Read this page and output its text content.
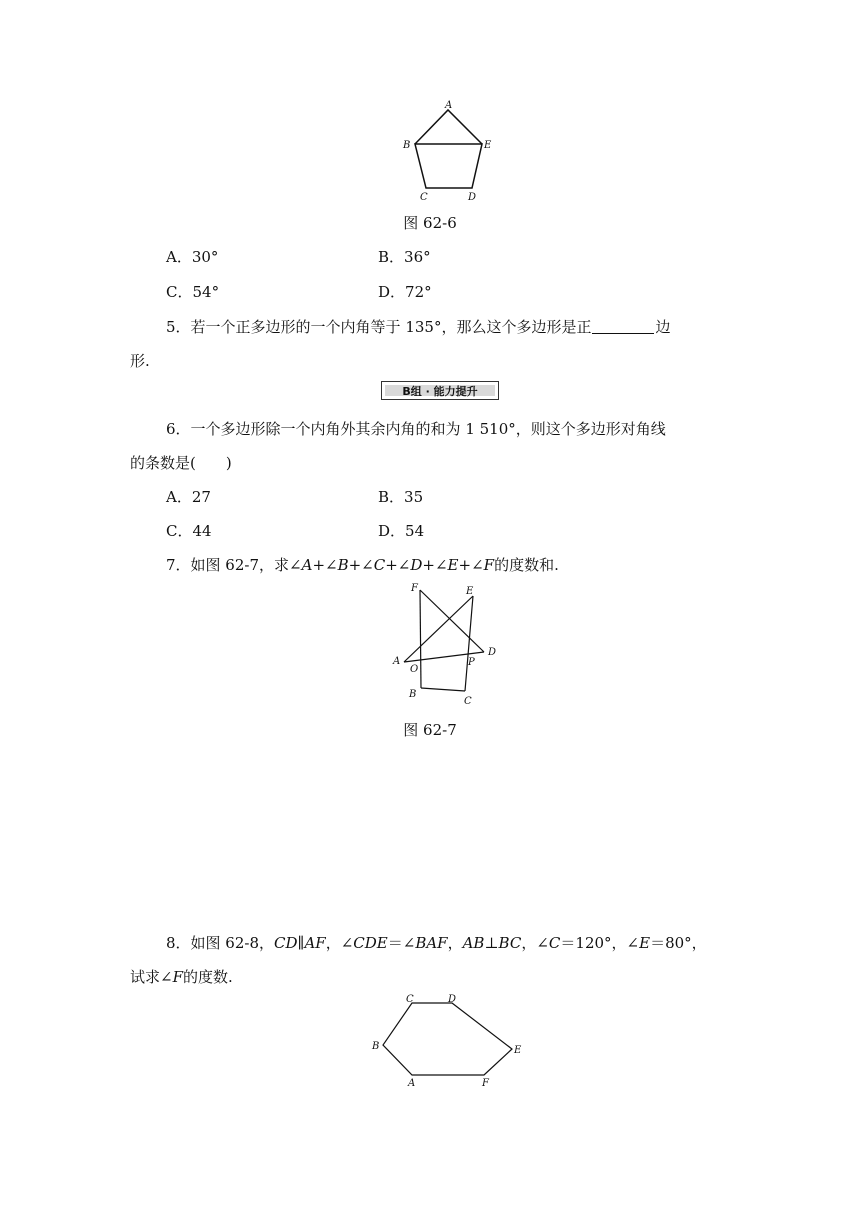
A
B	E
C	D
图 62-6
A．30°	B．36°
C．54°	D．72°
5．若一个正多边形的一个内角等于 135°，那么这个多边形是正	边
形.
B组 · 能力提升
6．一个多边形除一个内角外其余内角的和为 1 510°，则这个多边形对角线
的条数是(　　)
A．27	B．35
C．44	D．54
7．如图 62-7，求∠A+∠B+∠C+∠D+∠E+∠F的度数和.
F	E
D
A
O
P
B
C
图 62-7
8．如图 62-8，CD∥AF，∠CDE＝∠BAF，AB⊥BC，∠C＝120°，∠E＝80°，
试求∠F的度数.
C	D
B	E
A	F
